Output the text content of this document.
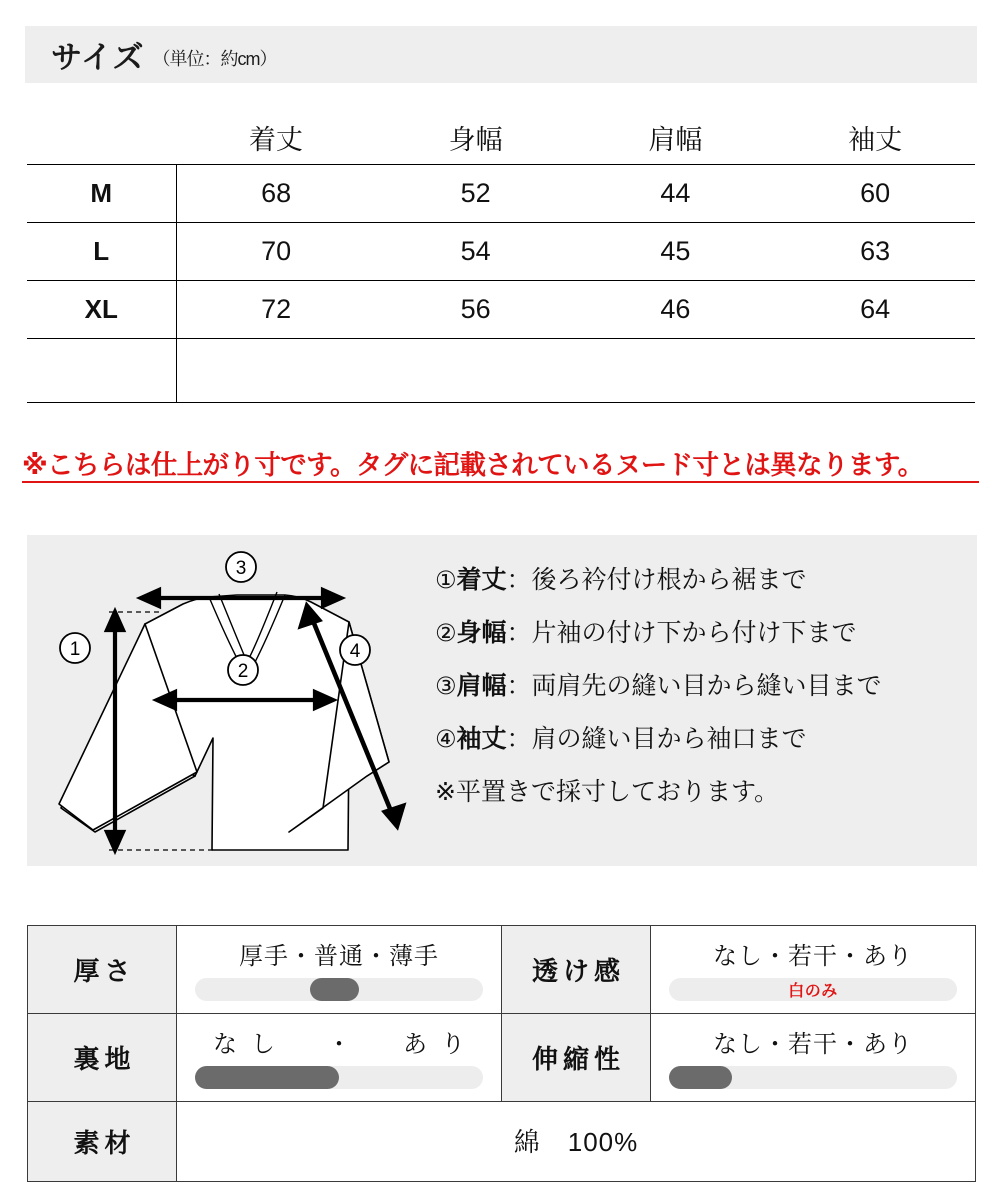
サイズ （単位：約cm）
	着丈	身幅	肩幅	袖丈
M	68	52	44	60
L	70	54	45	63
XL	72	56	46	64

※こちらは仕上がり寸です。タグに記載されているヌード寸とは異なります。
3
1
2
4
①着丈：後ろ衿付け根から裾まで
②身幅：片袖の付け下から付け下まで
③肩幅：両肩先の縫い目から縫い目まで
④袖丈：肩の縫い目から袖口まで
※平置きで採寸しております。
厚さ	厚手・普通・薄手	透け感	なし・若干・あり
白のみ

裏地	なし　・　あり	伸縮性	なし・若干・あり

素材	綿　100%		
